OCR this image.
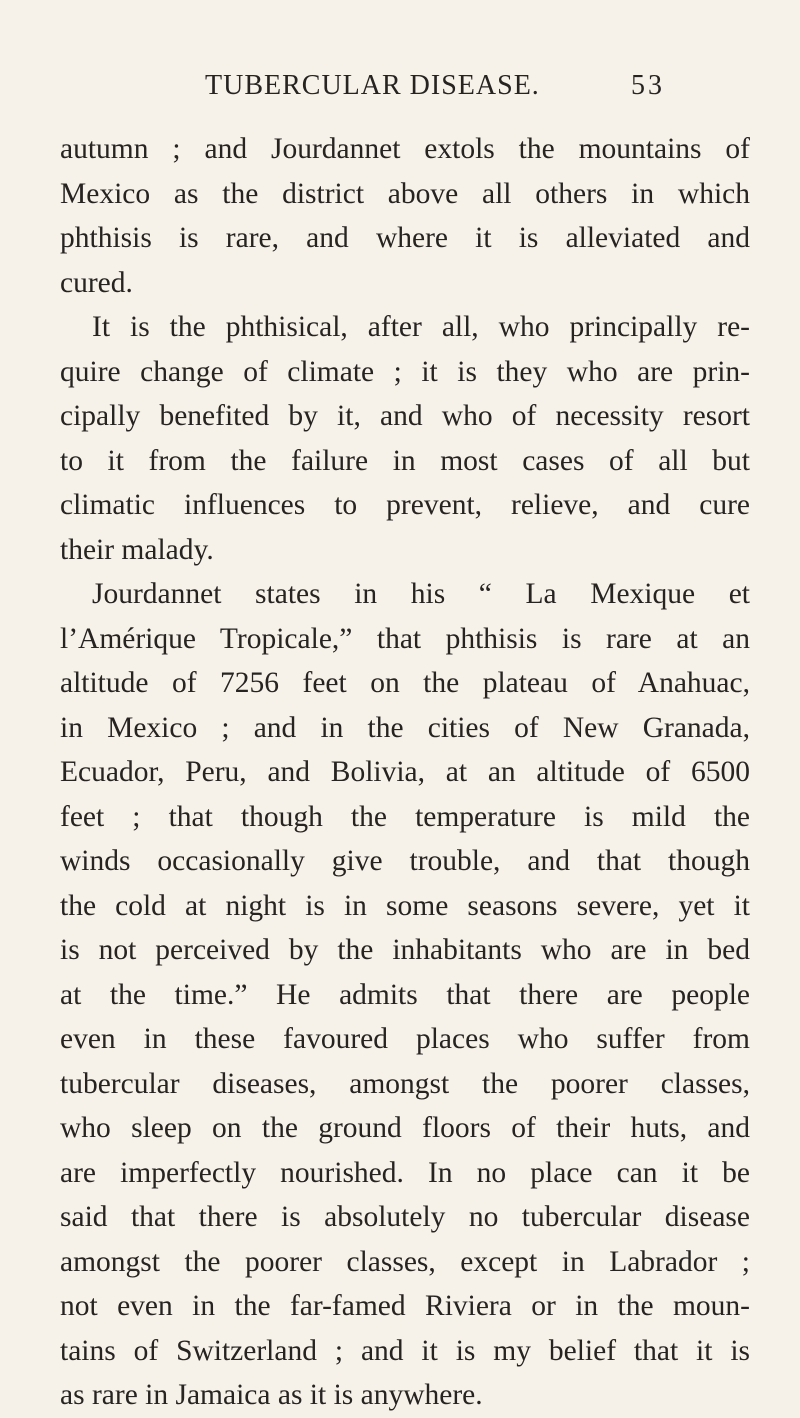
TUBERCULAR DISEASE.	53
autumn ; and Jourdannet extols the mountains of
Mexico as the district above all others in which
phthisis is rare, and where it is alleviated and
cured.
It is the phthisical, after all, who principally re-
quire change of climate ; it is they who are prin-
cipally benefited by it, and who of necessity resort
to it from the failure in most cases of all but
climatic influences to prevent, relieve, and cure
their malady.
Jourdannet states in his “ La Mexique et
l’Amérique Tropicale,” that phthisis is rare at an
altitude of 7256 feet on the plateau of Anahuac,
in Mexico ; and in the cities of New Granada,
Ecuador, Peru, and Bolivia, at an altitude of 6500
feet ; that though the temperature is mild the
winds occasionally give trouble, and that though
the cold at night is in some seasons severe, yet it
is not perceived by the inhabitants who are in bed
at the time.” He admits that there are people
even in these favoured places who suffer from
tubercular diseases, amongst the poorer classes,
who sleep on the ground floors of their huts, and
are imperfectly nourished. In no place can it be
said that there is absolutely no tubercular disease
amongst the poorer classes, except in Labrador ;
not even in the far-famed Riviera or in the moun-
tains of Switzerland ; and it is my belief that it is
as rare in Jamaica as it is anywhere.
